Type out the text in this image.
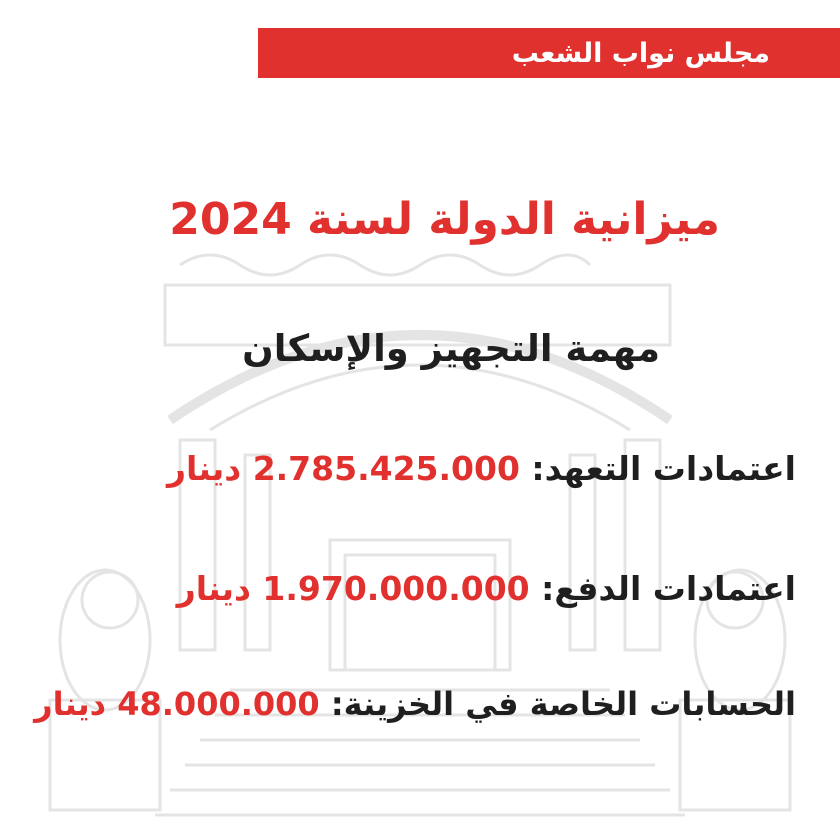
مجلس نواب الشعب
ميزانية الدولة لسنة 2024
مهمة التجهيز والإسكان
اعتمادات التعهد: 2.785.425.000 دينار
اعتمادات الدفع: 1.970.000.000 دينار
الحسابات الخاصة في الخزينة: 48.000.000 دينار
